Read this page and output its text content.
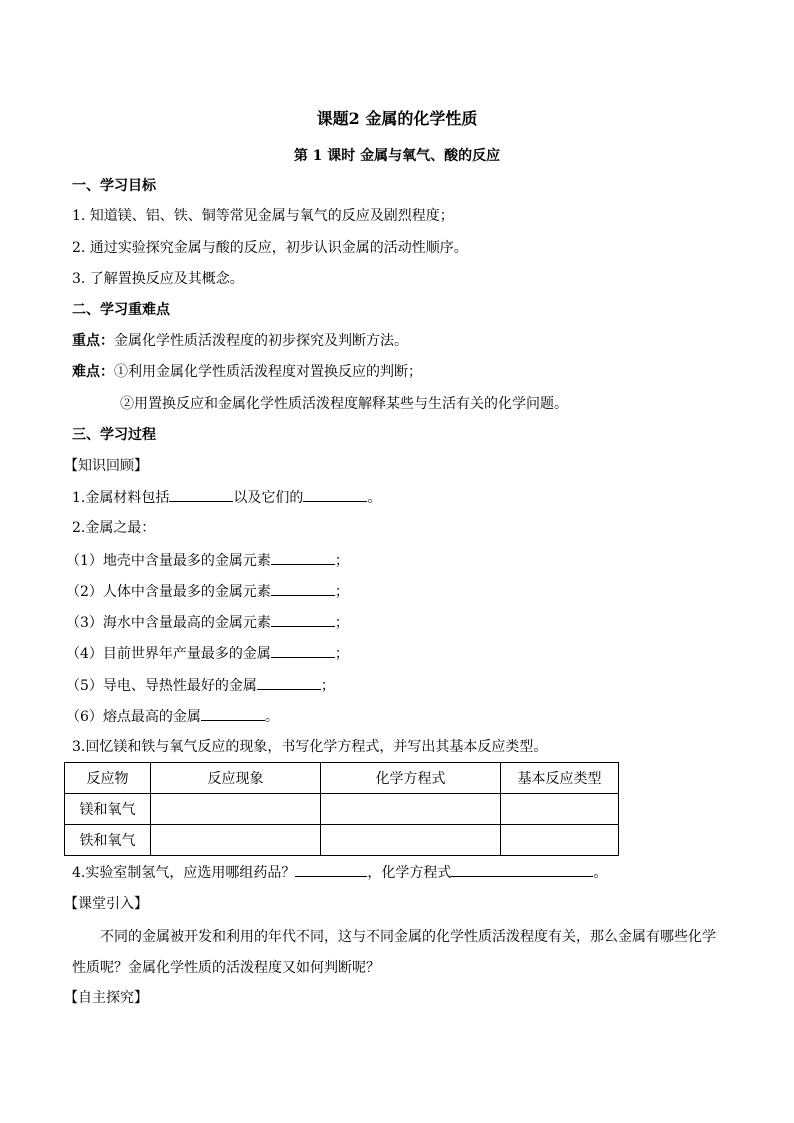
课题2 金属的化学性质
第 1 课时 金属与氧气、酸的反应
一、学习目标
1. 知道镁、铝、铁、铜等常见金属与氧气的反应及剧烈程度；
2. 通过实验探究金属与酸的反应，初步认识金属的活动性顺序。
3. 了解置换反应及其概念。
二、学习重难点
重点：金属化学性质活泼程度的初步探究及判断方法。
难点：①利用金属化学性质活泼程度对置换反应的判断；
②用置换反应和金属化学性质活泼程度解释某些与生活有关的化学问题。
三、学习过程
【知识回顾】
1.金属材料包括	以及它们的	。
2.金属之最：
（1）地壳中含量最多的金属元素	；
（2）人体中含量最多的金属元素	；
（3）海水中含量最高的金属元素	；
（4）目前世界年产量最多的金属	；
（5）导电、导热性最好的金属	；
（6）熔点最高的金属	。
3.回忆镁和铁与氧气反应的现象，书写化学方程式，并写出其基本反应类型。
反应物	反应现象	化学方程式	基本反应类型
镁和氧气			
铁和氧气			
4.实验室制氢气，应选用哪组药品？	，化学方程式	。
【课堂引入】
不同的金属被开发和利用的年代不同，这与不同金属的化学性质活泼程度有关，那么金属有哪些化学性质呢？金属化学性质的活泼程度又如何判断呢？
【自主探究】
